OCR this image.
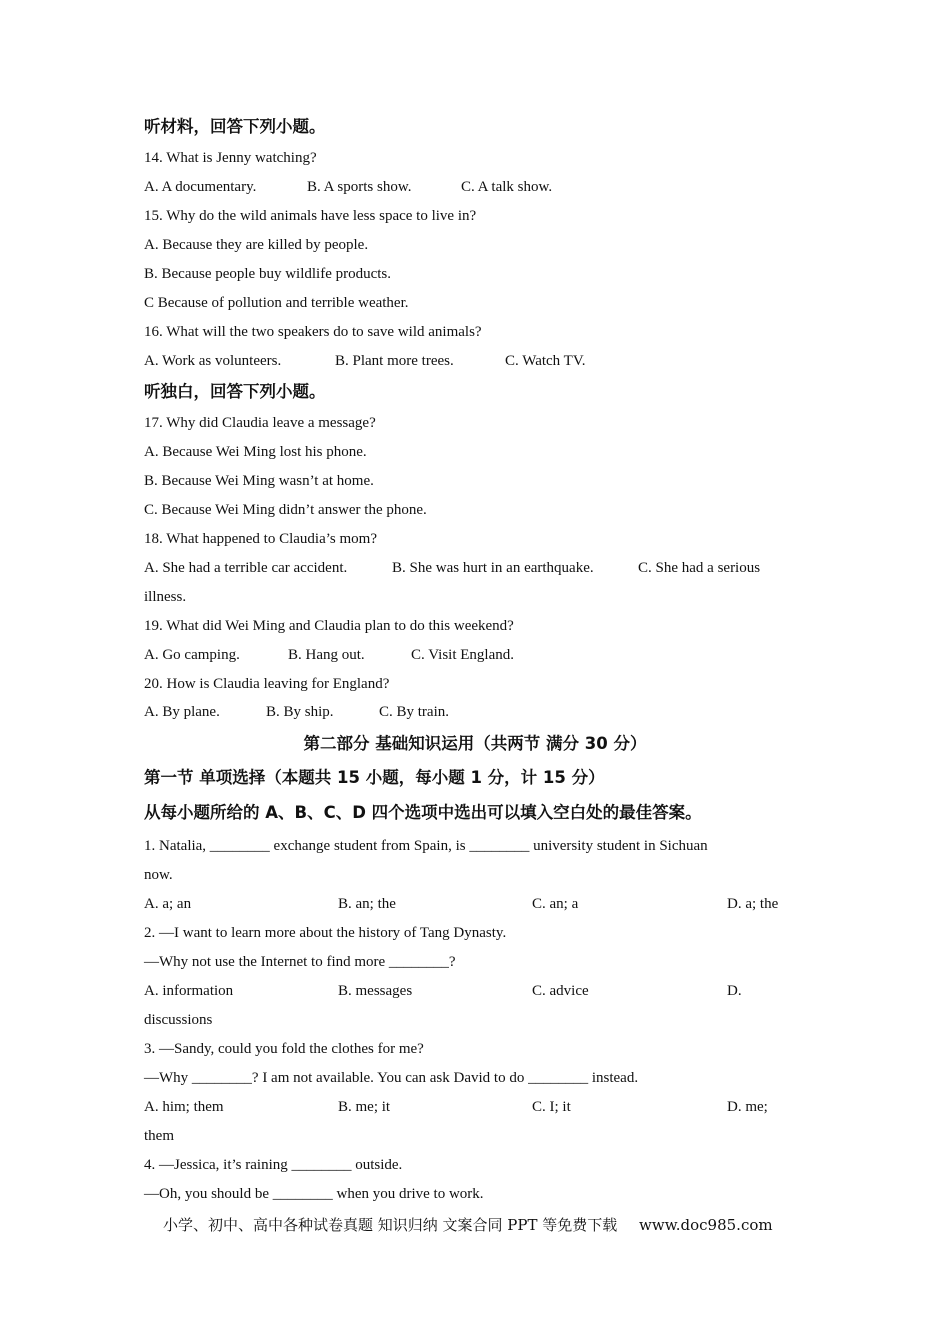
听材料，回答下列小题。
14. What is Jenny watching?
A. A documentary.	B. A sports show.	C. A talk show.
15. Why do the wild animals have less space to live in?
A. Because they are killed by people.
B. Because people buy wildlife products.
C Because of pollution and terrible weather.
16. What will the two speakers do to save wild animals?
A. Work as volunteers.	B. Plant more trees.	C. Watch TV.
听独白，回答下列小题。
17. Why did Claudia leave a message?
A. Because Wei Ming lost his phone.
B. Because Wei Ming wasn’t at home.
C. Because Wei Ming didn’t answer the phone.
18. What happened to Claudia’s mom?
A. She had a terrible car accident.	B. She was hurt in an earthquake.	C. She had a serious
illness.
19. What did Wei Ming and Claudia plan to do this weekend?
A. Go camping.	B. Hang out.	C. Visit England.
20. How is Claudia leaving for England?
A. By plane.	B. By ship.	C. By train.
第二部分 基础知识运用（共两节 满分 30 分）
第一节 单项选择（本题共 15 小题，每小题 1 分，计 15 分）
从每小题所给的 A、B、C、D 四个选项中选出可以填入空白处的最佳答案。
1. Natalia, ________ exchange student from Spain, is ________ university student in Sichuan
now.
A. a; an	B. an; the	C. an; a	D. a; the
2. —I want to learn more about the history of Tang Dynasty.
—Why not use the Internet to find more ________?
A. information	B. messages	C. advice	D.
discussions
3. —Sandy, could you fold the clothes for me?
—Why ________? I am not available. You can ask David to do ________ instead.
A. him; them	B. me; it	C. I; it	D. me;
them
4. —Jessica, it’s raining ________ outside.
—Oh, you should be ________ when you drive to work.
小学、初中、高中各种试卷真题 知识归纳 文案合同 PPT 等免费下载 www.doc985.com
